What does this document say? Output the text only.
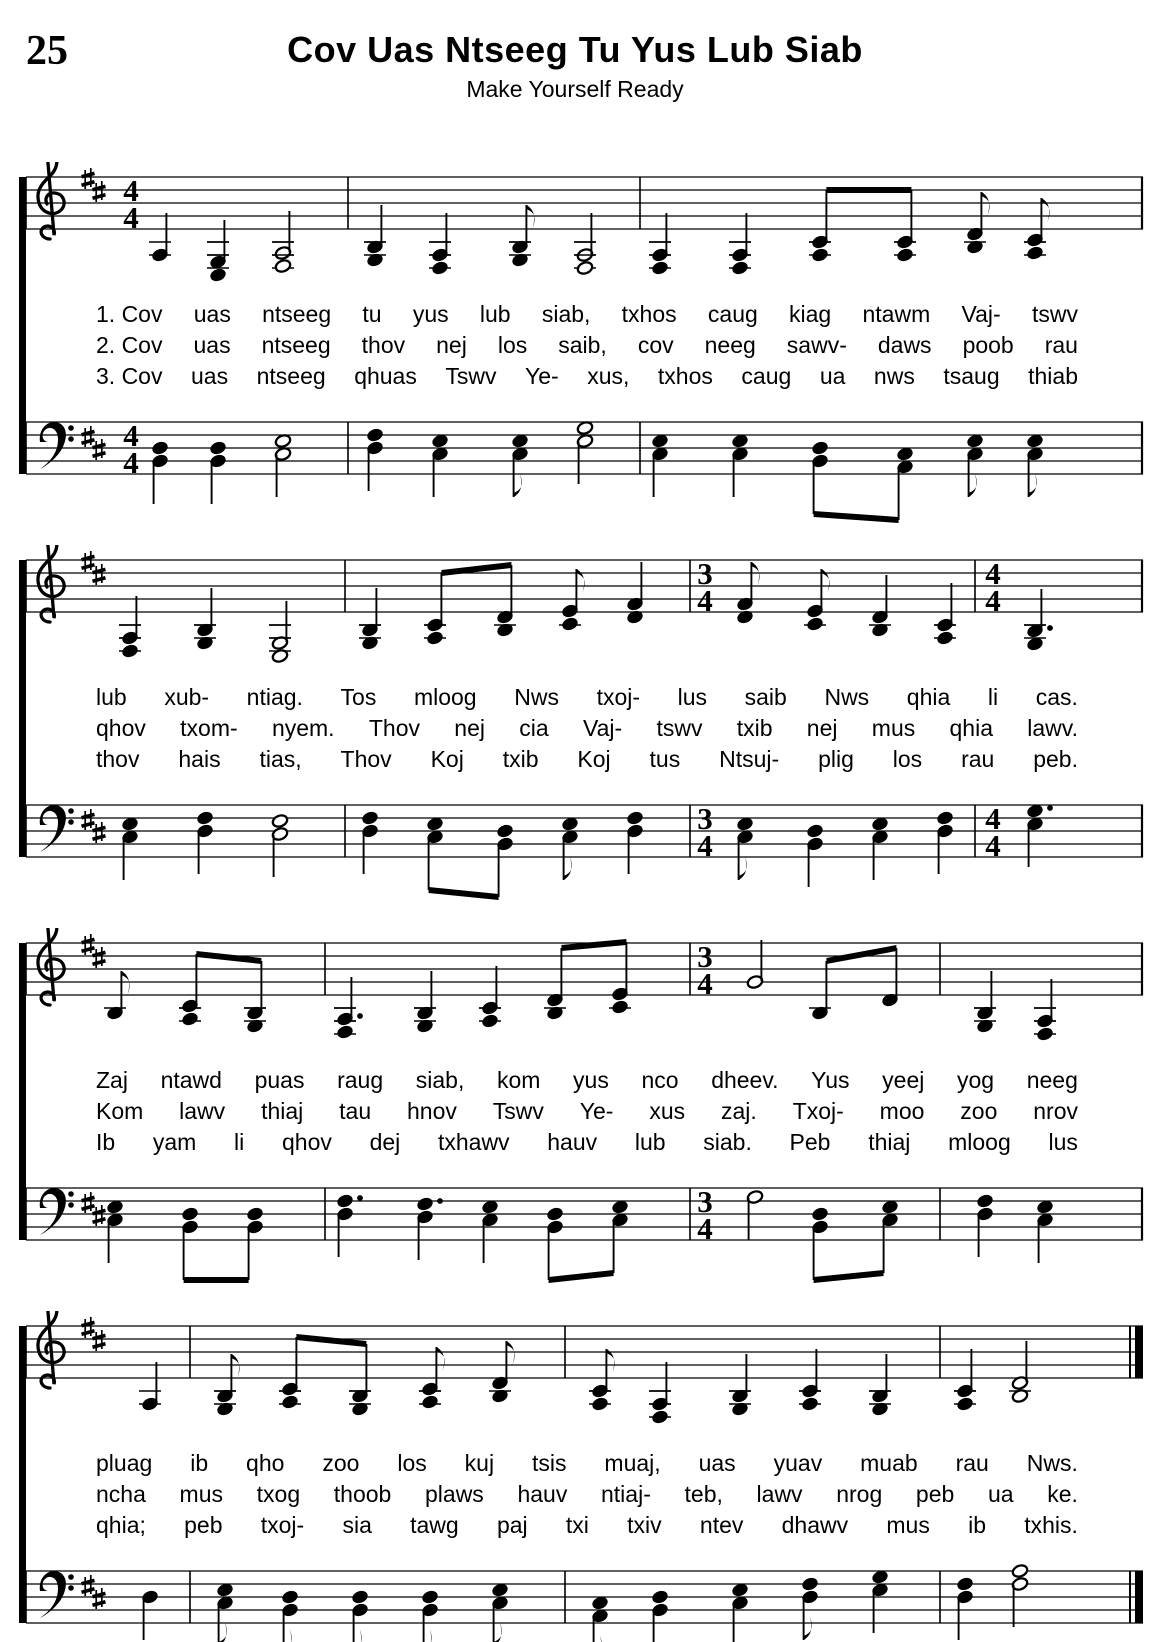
25	Cov Uas Ntseeg Tu Yus Lub Siab
Make Yourself Ready
4
4
1. Cov uas ntseeg tu yus lub siab, txhos caug kiag ntawm Vaj- tswv
2. Cov uas ntseeg thov nej los saib, cov neeg sawv- daws poob rau
3. Cov uas ntseeg qhuas Tswv Ye- xus, txhos caug ua nws tsaug thiab
4
4
3
4
4
4
lub xub- ntiag. Tos mloog Nws txoj- lus saib Nws qhia li cas.
qhov txom- nyem. Thov nej cia Vaj- tswv txib nej mus qhia lawv.
thov hais tias, Thov Koj txib Koj tus Ntsuj- plig los rau peb.
3
4
4
4
3
4
Zaj ntawd puas raug siab, kom yus nco dheev. Yus yeej yog neeg
Kom lawv thiaj tau hnov Tswv Ye- xus zaj. Txoj- moo zoo nrov
Ib yam li qhov dej txhawv hauv lub siab. Peb thiaj mloog lus
3
4
pluag ib qho zoo los kuj tsis muaj, uas yuav muab rau Nws.
ncha mus txog thoob plaws hauv ntiaj- teb, lawv nrog peb ua ke.
qhia; peb txoj- sia tawg paj txi txiv ntev dhawv mus ib txhis.
